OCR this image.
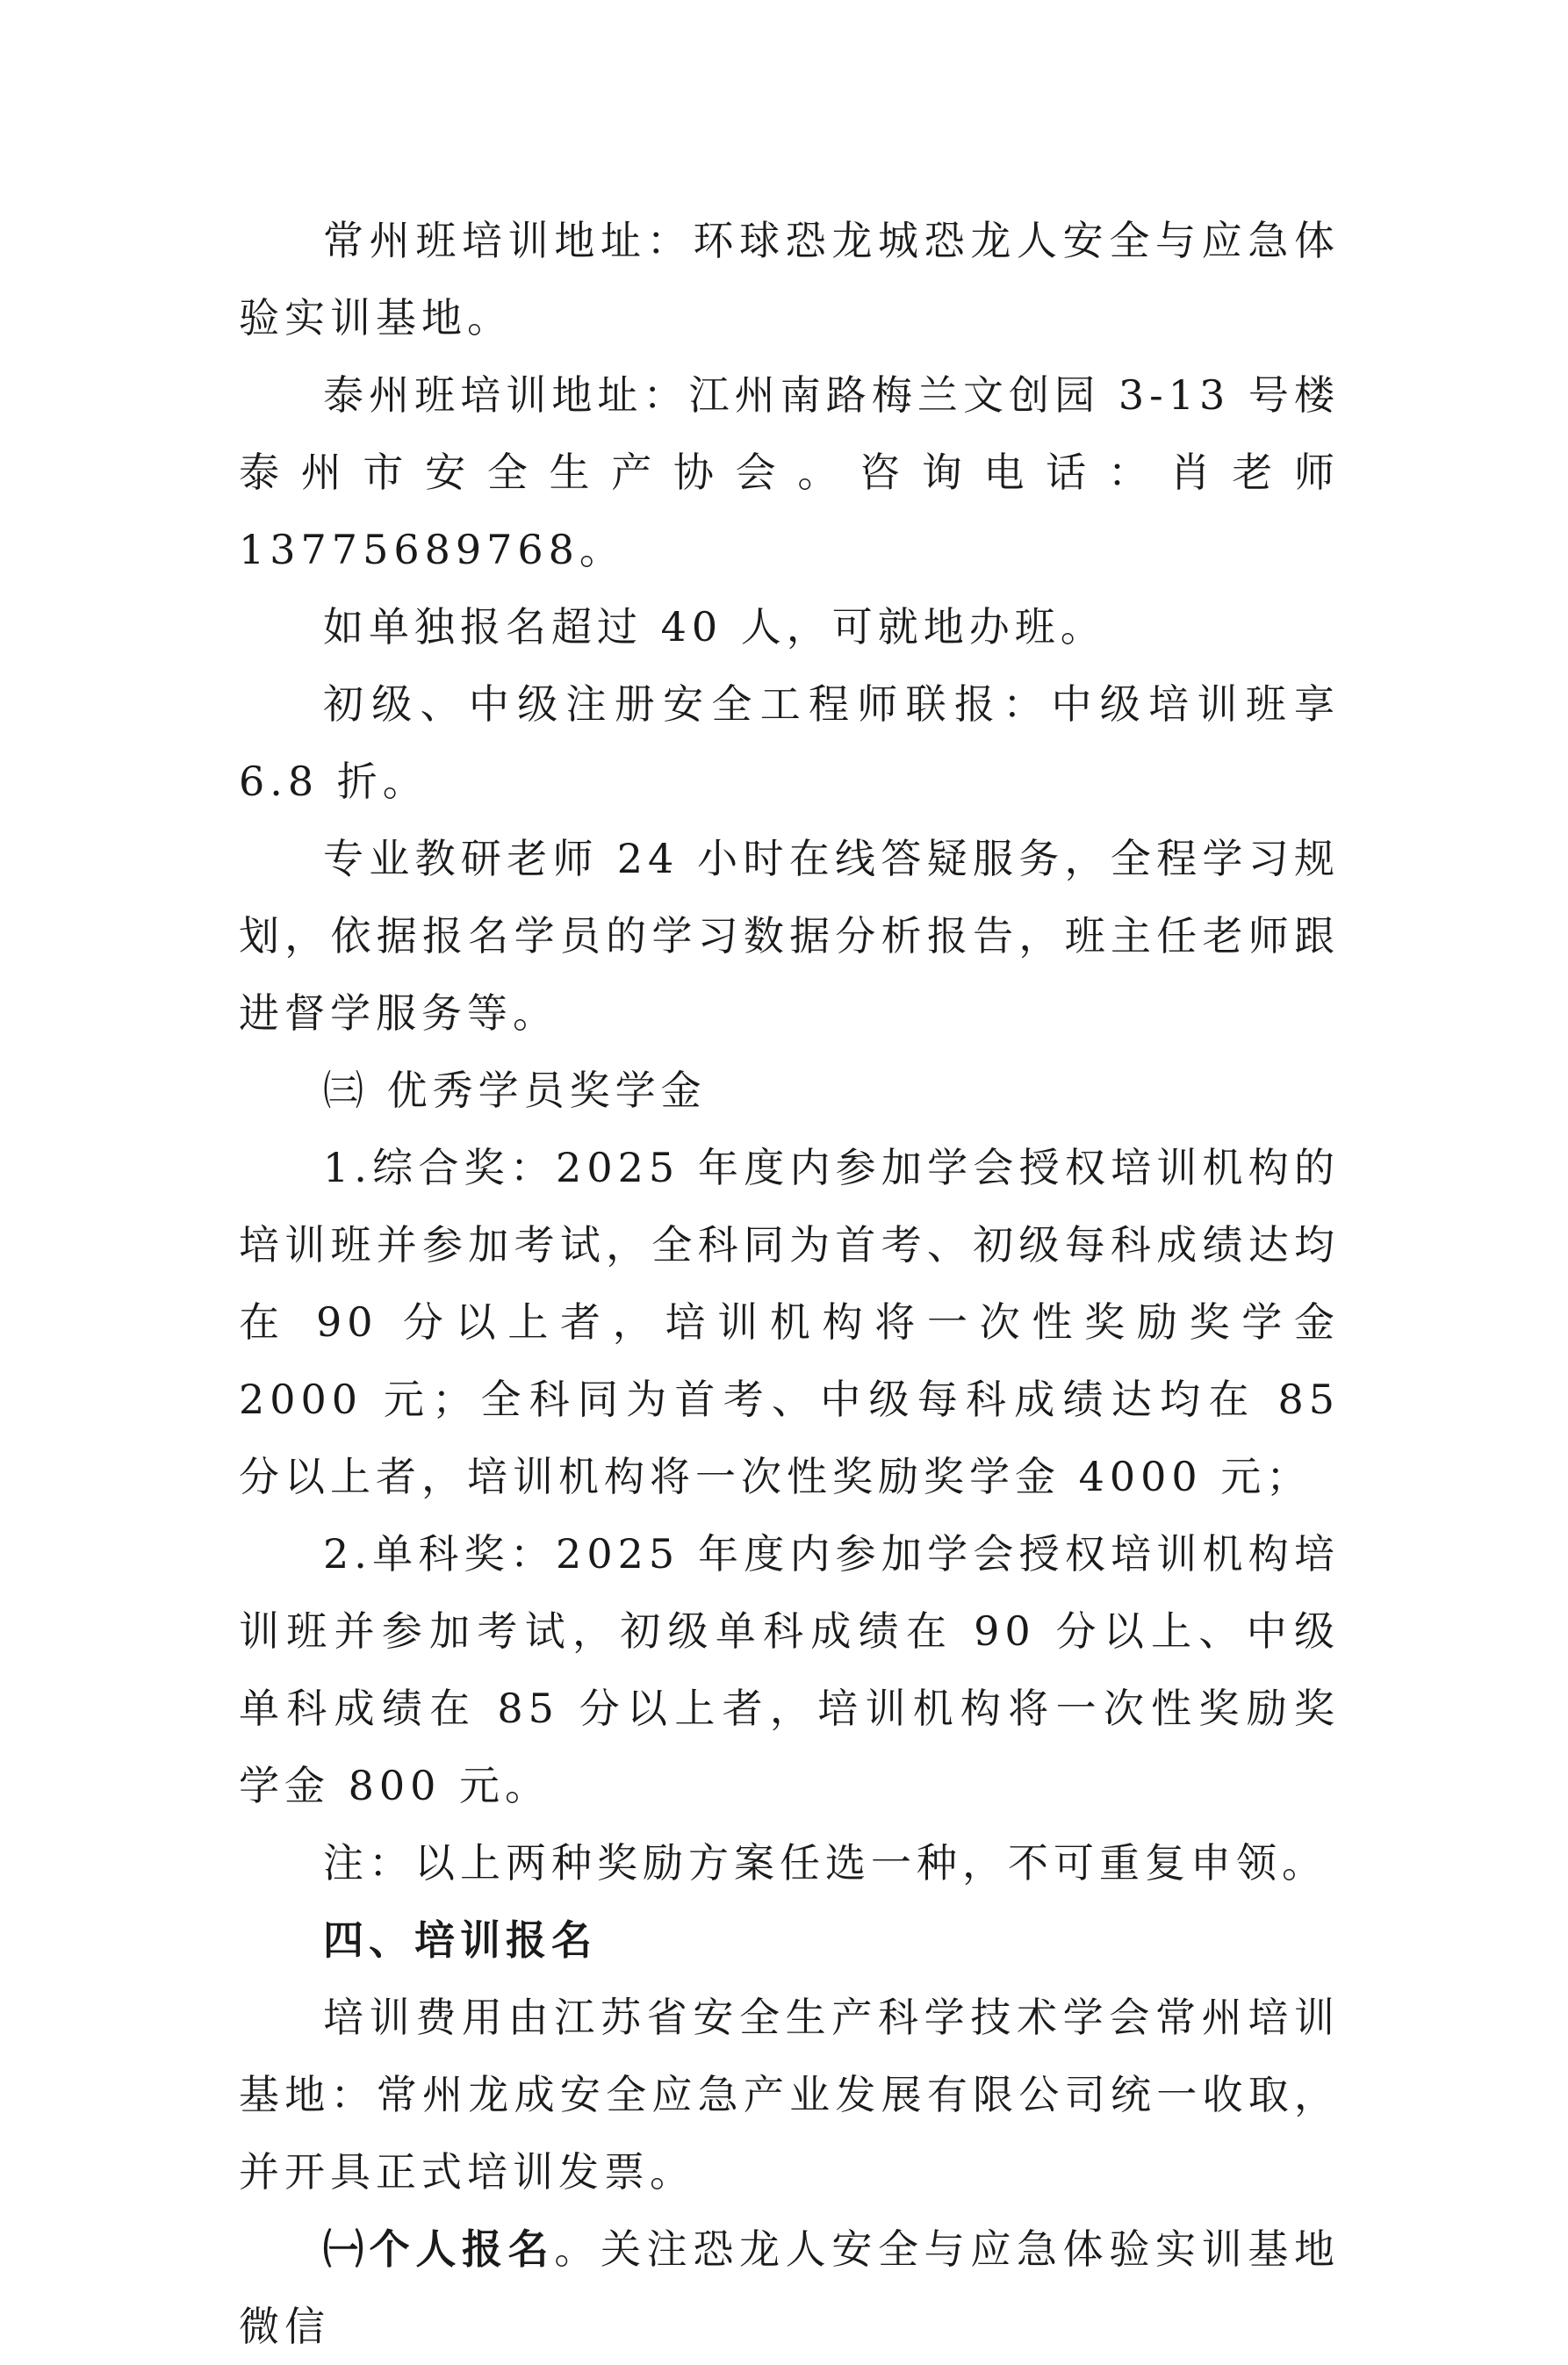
常州班培训地址：环球恐龙城恐龙人安全与应急体验实训基地。

泰州班培训地址：江州南路梅兰文创园 3-13 号楼泰州市安全生产协会。咨询电话：肖老师 13775689768。

如单独报名超过 40 人，可就地办班。

初级、中级注册安全工程师联报：中级培训班享 6.8 折。

专业教研老师 24 小时在线答疑服务，全程学习规划，依据报名学员的学习数据分析报告，班主任老师跟进督学服务等。

㈢ 优秀学员奖学金

1.综合奖：2025 年度内参加学会授权培训机构的培训班并参加考试，全科同为首考、初级每科成绩达均在 90 分以上者，培训机构将一次性奖励奖学金 2000 元；全科同为首考、中级每科成绩达均在 85 分以上者，培训机构将一次性奖励奖学金 4000 元；

2.单科奖：2025 年度内参加学会授权培训机构培训班并参加考试，初级单科成绩在 90 分以上、中级单科成绩在 85 分以上者，培训机构将一次性奖励奖学金 800 元。

注：以上两种奖励方案任选一种，不可重复申领。

四、培训报名

培训费用由江苏省安全生产科学技术学会常州培训基地：常州龙成安全应急产业发展有限公司统一收取，并开具正式培训发票。

㈠个人报名。关注恐龙人安全与应急体验实训基地微信
